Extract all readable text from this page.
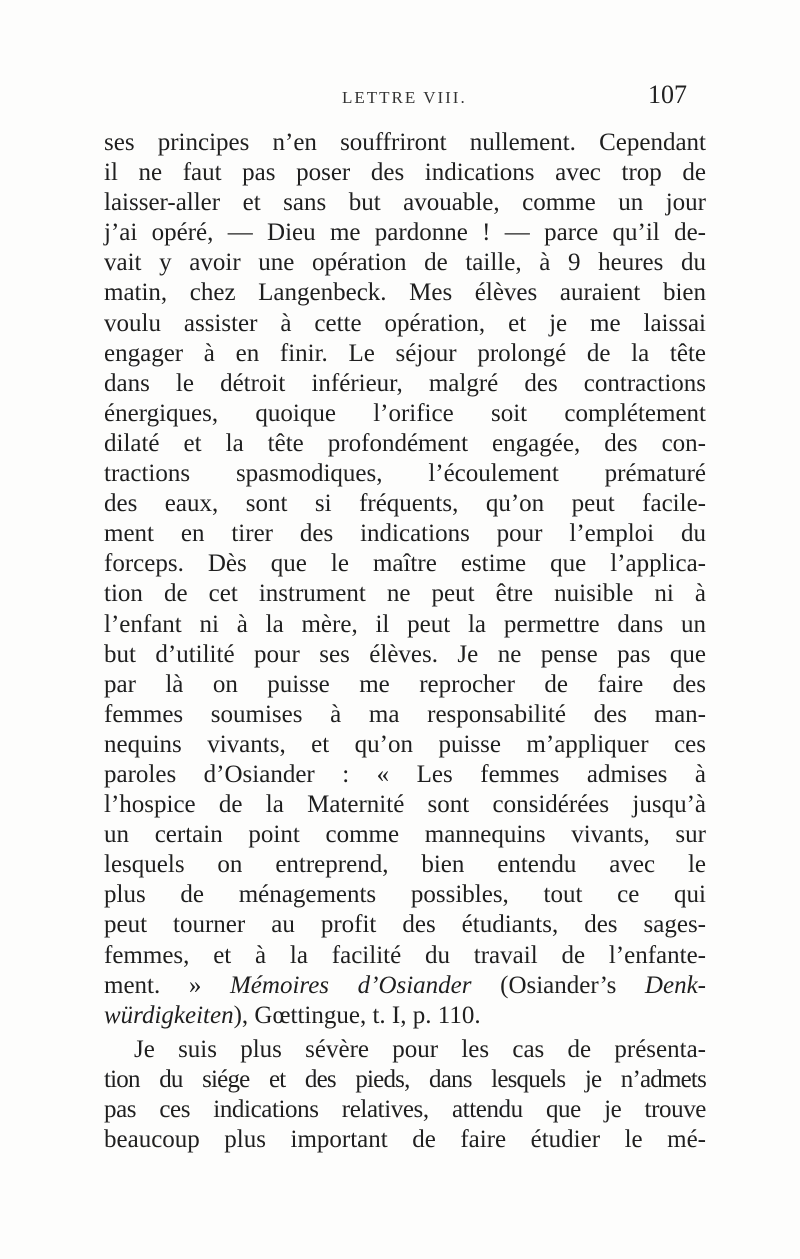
LETTRE VIII.	107
ses principes n’en souffriront nullement. Cependant
il ne faut pas poser des indications avec trop de
laisser-aller et sans but avouable, comme un jour
j’ai opéré, — Dieu me pardonne ! — parce qu’il de-
vait y avoir une opération de taille, à 9 heures du
matin, chez Langenbeck. Mes élèves auraient bien
voulu assister à cette opération, et je me laissai
engager à en finir. Le séjour prolongé de la tête
dans le détroit inférieur, malgré des contractions
énergiques, quoique l’orifice soit complétement
dilaté et la tête profondément engagée, des con-
tractions spasmodiques, l’écoulement prématuré
des eaux, sont si fréquents, qu’on peut facile-
ment en tirer des indications pour l’emploi du
forceps. Dès que le maître estime que l’applica-
tion de cet instrument ne peut être nuisible ni à
l’enfant ni à la mère, il peut la permettre dans un
but d’utilité pour ses élèves. Je ne pense pas que
par là on puisse me reprocher de faire des
femmes soumises à ma responsabilité des man-
nequins vivants, et qu’on puisse m’appliquer ces
paroles d’Osiander : « Les femmes admises à
l’hospice de la Maternité sont considérées jusqu’à
un certain point comme mannequins vivants, sur
lesquels on entreprend, bien entendu avec le
plus de ménagements possibles, tout ce qui
peut tourner au profit des étudiants, des sages-
femmes, et à la facilité du travail de l’enfante-
ment. » Mémoires d’Osiander (Osiander’s Denk-
würdigkeiten), Gœttingue, t. I, p. 110.
Je suis plus sévère pour les cas de présenta-
tion du siége et des pieds, dans lesquels je n’admets
pas ces indications relatives, attendu que je trouve
beaucoup plus important de faire étudier le mé-
